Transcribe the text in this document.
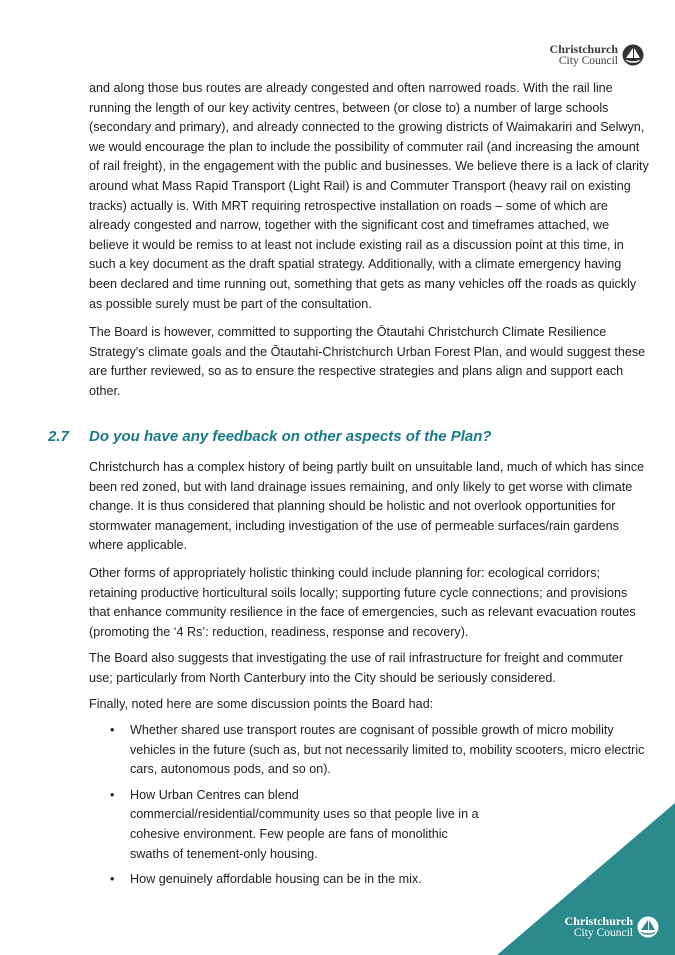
Christchurch
City Council

and along those bus routes are already congested and often narrowed roads. With the rail line running the length of our key activity centres, between (or close to) a number of large schools (secondary and primary), and already connected to the growing districts of Waimakariri and Selwyn, we would encourage the plan to include the possibility of commuter rail (and increasing the amount of rail freight), in the engagement with the public and businesses. We believe there is a lack of clarity around what Mass Rapid Transport (Light Rail) is and Commuter Transport (heavy rail on existing tracks) actually is. With MRT requiring retrospective installation on roads – some of which are already congested and narrow, together with the significant cost and timeframes attached, we believe it would be remiss to at least not include existing rail as a discussion point at this time, in such a key document as the draft spatial strategy. Additionally, with a climate emergency having been declared and time running out, something that gets as many vehicles off the roads as quickly as possible surely must be part of the consultation.

The Board is however, committed to supporting the Ōtautahi Christchurch Climate Resilience Strategy's climate goals and the Ōtautahi-Christchurch Urban Forest Plan, and would suggest these are further reviewed, so as to ensure the respective strategies and plans align and support each other.

2.7 Do you have any feedback on other aspects of the Plan?

Christchurch has a complex history of being partly built on unsuitable land, much of which has since been red zoned, but with land drainage issues remaining, and only likely to get worse with climate change. It is thus considered that planning should be holistic and not overlook opportunities for stormwater management, including investigation of the use of permeable surfaces/rain gardens where applicable.

Other forms of appropriately holistic thinking could include planning for: ecological corridors; retaining productive horticultural soils locally; supporting future cycle connections; and provisions that enhance community resilience in the face of emergencies, such as relevant evacuation routes (promoting the ‘4 Rs’: reduction, readiness, response and recovery).

The Board also suggests that investigating the use of rail infrastructure for freight and commuter use; particularly from North Canterbury into the City should be seriously considered.

Finally, noted here are some discussion points the Board had:

• Whether shared use transport routes are cognisant of possible growth of micro mobility vehicles in the future (such as, but not necessarily limited to, mobility scooters, micro electric cars, autonomous pods, and so on).
• How Urban Centres can blend commercial/residential/community uses so that people live in a cohesive environment. Few people are fans of monolithic swaths of tenement-only housing.
• How genuinely affordable housing can be in the mix.
Christchurch
City Council
